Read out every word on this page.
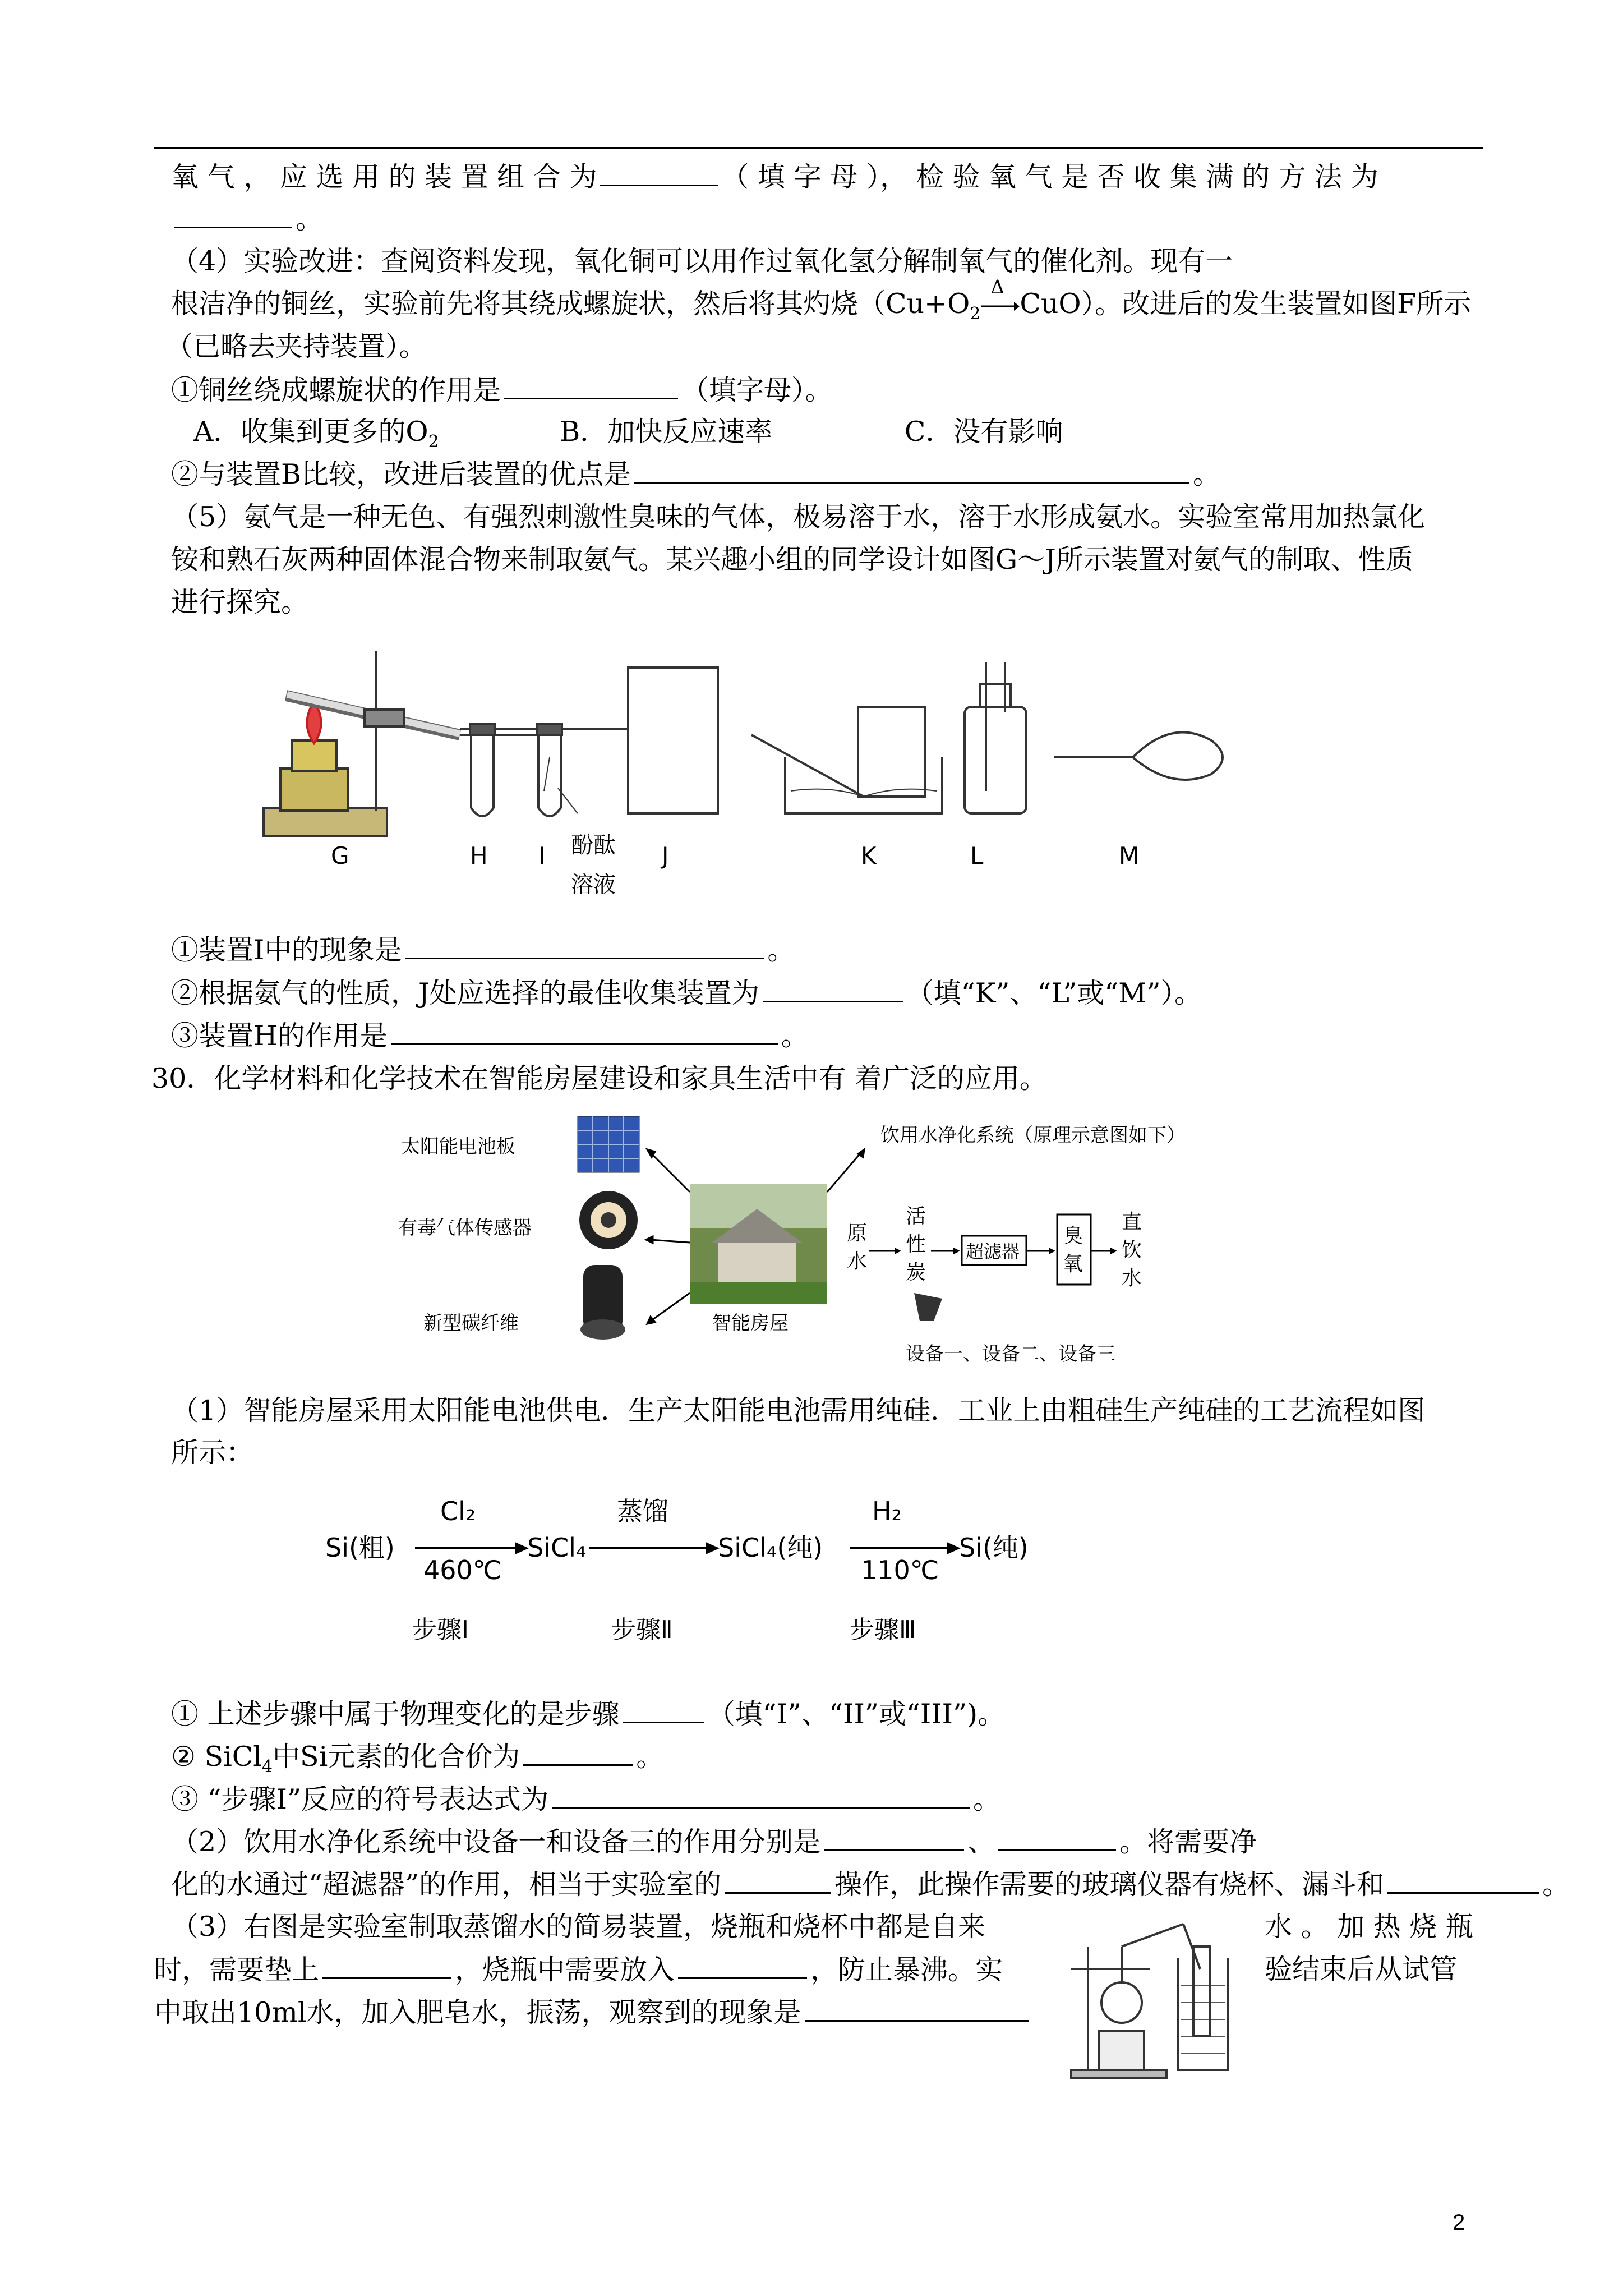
氧 气 ， 应 选 用 的 装 置 组 合 为	（ 填 字 母 ）， 检 验 氧 气 是 否 收 集 满 的 方 法 为

。

（4）实验改进：查阅资料发现，氧化铜可以用作过氧化氢分解制氧气的催化剂。现有一

根洁净的铜丝，实验前先将其绕成螺旋状，然后将其灼烧（$Cu+O_2$
Δ
CuO）。改进后的发生装置如图F所示

（已略去夹持装置）。

①铜丝绕成螺旋状的作用是	（填字母）。

A．收集到更多的$O_2$	B．加快反应速率	C．没有影响

②与装置B比较，改进后装置的优点是	。

（5）氨气是一种无色、有强烈刺激性臭味的气体，极易溶于水，溶于水形成氨水。实验室常用加热氯化

铵和熟石灰两种固体混合物来制取氨气。某兴趣小组的同学设计如图G～J所示装置对氨气的制取、性质

进行探究。

G	H I 酚酞
溶液
J	K	L	M

①装置Ⅰ中的现象是	。

②根据氨气的性质，J处应选择的最佳收集装置为	（填“K”、“L”或“M”）。

③装置H的作用是	。

30．化学材料和化学技术在智能房屋建设和家具生活中有 着广泛的应用。

太阳能电池板
有毒气体传感器
新型碳纤维	智能房屋
饮用水净化系统（原理示意图如下）
原
水
活
性
炭
超滤器
臭
氧
直
饮
水
设备一、设备二、设备三

（1）智能房屋采用太阳能电池供电．生产太阳能电池需用纯硅．工业上由粗硅生产纯硅的工艺流程如图

所示：

Si(粗)
Cl₂
460℃
SiCl₄
蒸馏
SiCl₄(纯)
H₂
110℃
Si(纯)
步骤Ⅰ	步骤Ⅱ	步骤Ⅲ

① 上述步骤中属于物理变化的是步骤	（填“I”、“II”或“III”)。

② SiCl$_4$中Si元素的化合价为	。

③ “步骤Ⅰ”反应的符号表达式为	。

（2）饮用水净化系统中设备一和设备三的作用分别是	、	。将需要净

化的水通过“超滤器”的作用，相当于实验室的	操作，此操作需要的玻璃仪器有烧杯、漏斗和	。

（3）右图是实验室制取蒸馏水的简易装置，烧瓶和烧杯中都是自来	水 。 加 热 烧 瓶

时，需要垫上	，烧瓶中需要放入	，防止暴沸。实	验结束后从试管

中取出10ml水，加入肥皂水，振荡，观察到的现象是

2
